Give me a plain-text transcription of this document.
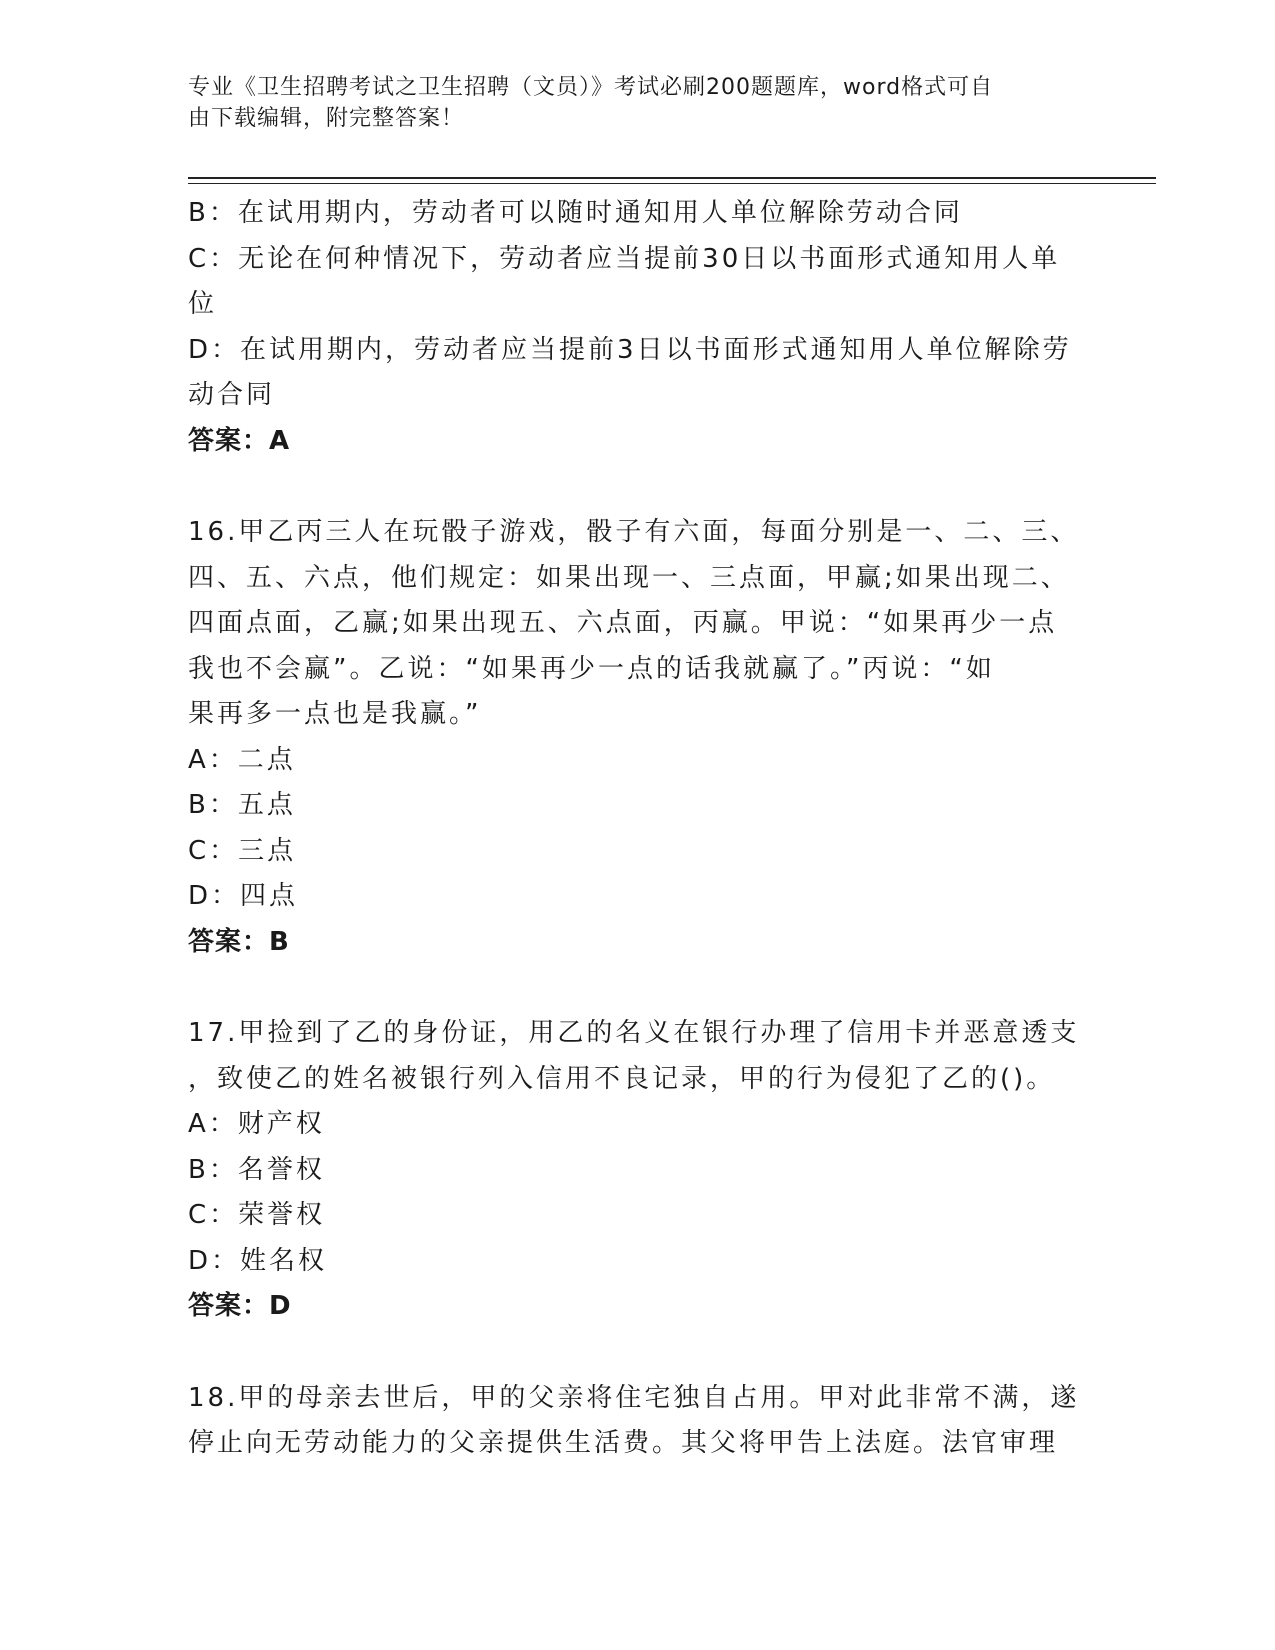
专业《卫生招聘考试之卫生招聘（文员）》考试必刷200题题库，word格式可自
由下载编辑，附完整答案！
B：在试用期内，劳动者可以随时通知用人单位解除劳动合同
C：无论在何种情况下，劳动者应当提前30日以书面形式通知用人单
位
D：在试用期内，劳动者应当提前3日以书面形式通知用人单位解除劳
动合同
答案：A
16.甲乙丙三人在玩骰子游戏，骰子有六面，每面分别是一、二、三、
四、五、六点，他们规定：如果出现一、三点面，甲赢;如果出现二、
四面点面，乙赢;如果出现五、六点面，丙赢。甲说：“如果再少一点
我也不会赢”。乙说：“如果再少一点的话我就赢了。”丙说：“如
果再多一点也是我赢。”
A：二点
B：五点
C：三点
D：四点
答案：B
17.甲捡到了乙的身份证，用乙的名义在银行办理了信用卡并恶意透支
，致使乙的姓名被银行列入信用不良记录，甲的行为侵犯了乙的()。
A：财产权
B：名誉权
C：荣誉权
D：姓名权
答案：D
18.甲的母亲去世后，甲的父亲将住宅独自占用。甲对此非常不满，遂
停止向无劳动能力的父亲提供生活费。其父将甲告上法庭。法官审理
